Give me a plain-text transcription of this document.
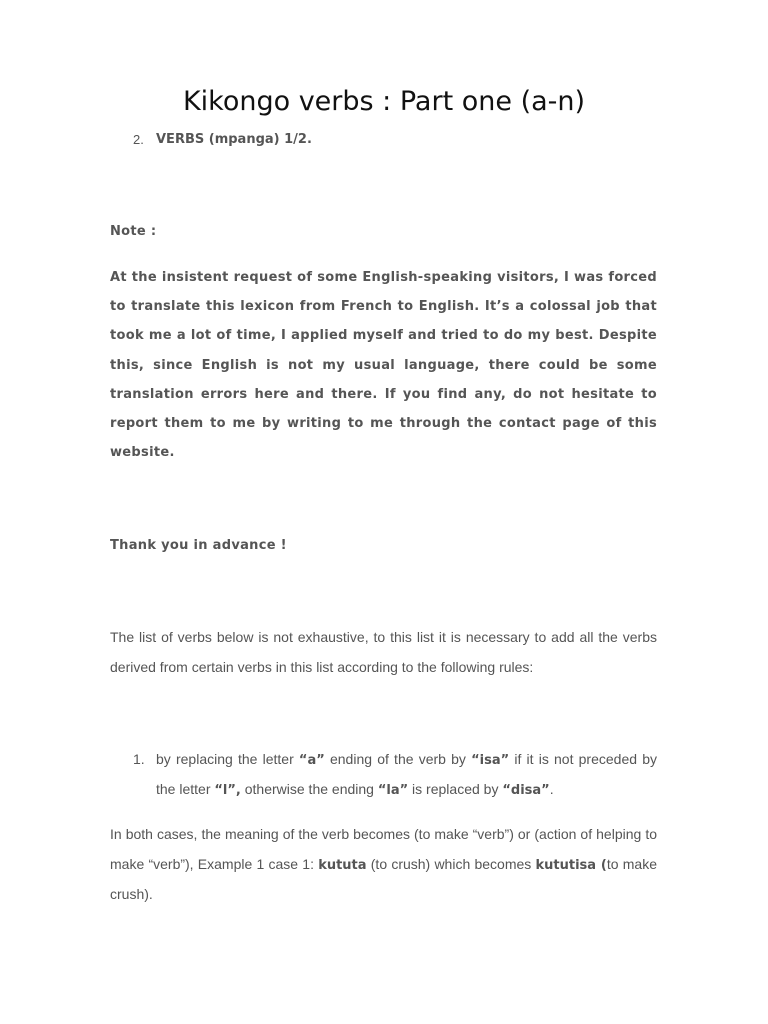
Kikongo verbs : Part one (a-n)
2. VERBS (mpanga) 1/2.

Note :

At the insistent request of some English-speaking visitors, I was forced to translate this lexicon from French to English. It’s a colossal job that took me a lot of time, I applied myself and tried to do my best. Despite this, since English is not my usual language, there could be some translation errors here and there. If you find any, do not hesitate to report them to me by writing to me through the contact page of this website.

Thank you in advance !

The list of verbs below is not exhaustive, to this list it is necessary to add all the verbs derived from certain verbs in this list according to the following rules:

1. by replacing the letter “a” ending of the verb by “isa” if it is not preceded by the letter “l”, otherwise the ending “la” is replaced by “disa”.

In both cases, the meaning of the verb becomes (to make “verb”) or (action of helping to make “verb”), Example 1 case 1: kututa (to crush) which becomes kututisa (to make crush).
